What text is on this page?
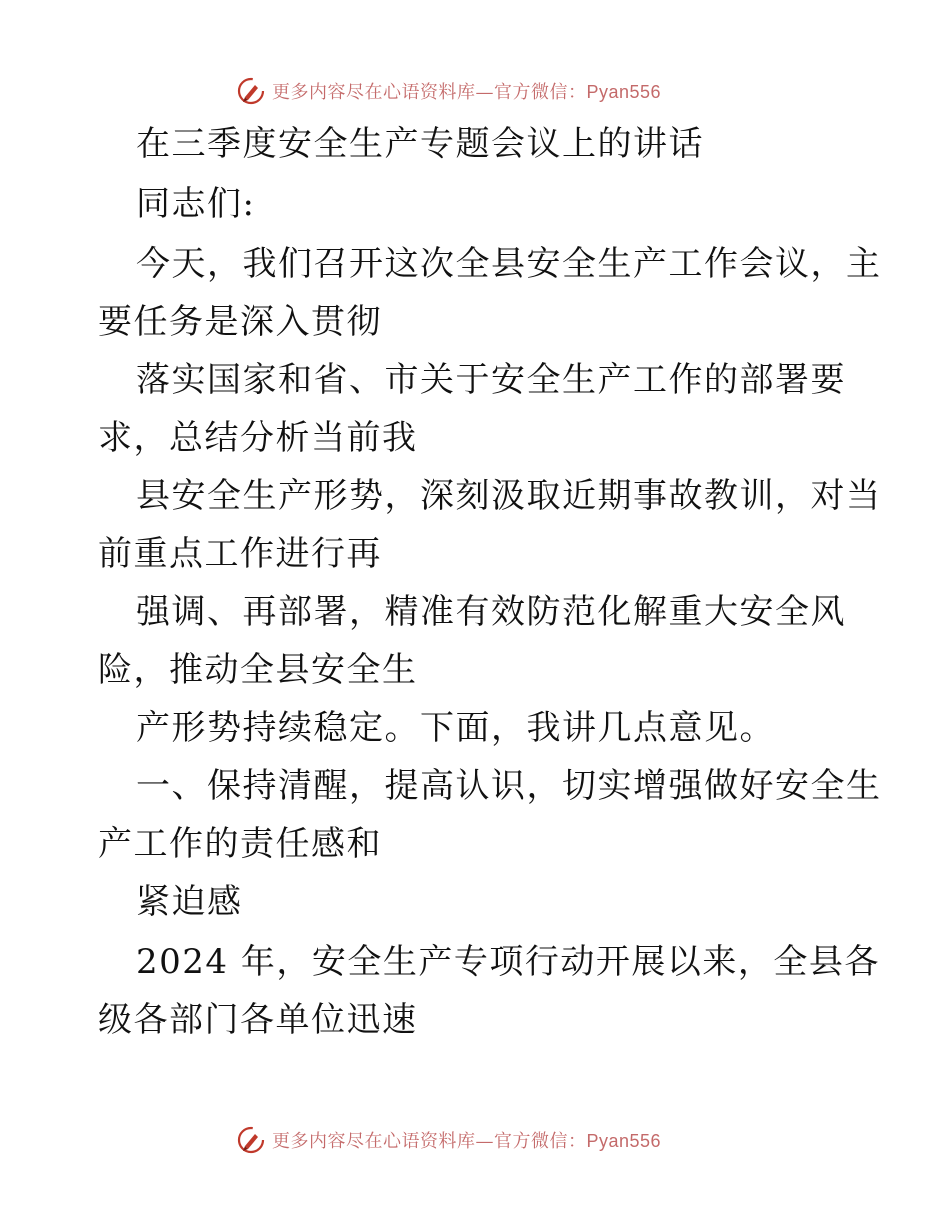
更多内容尽在心语资料库—官方微信：Pyan556
在三季度安全生产专题会议上的讲话
同志们:
今天，我们召开这次全县安全生产工作会议，主
要任务是深入贯彻
落实国家和省、市关于安全生产工作的部署要
求，总结分析当前我
县安全生产形势，深刻汲取近期事故教训，对当
前重点工作进行再
强调、再部署，精准有效防范化解重大安全风
险，推动全县安全生
产形势持续稳定。下面，我讲几点意见。
一、保持清醒，提高认识，切实增强做好安全生
产工作的责任感和
紧迫感
2024 年，安全生产专项行动开展以来，全县各
级各部门各单位迅速
更多内容尽在心语资料库—官方微信：Pyan556
